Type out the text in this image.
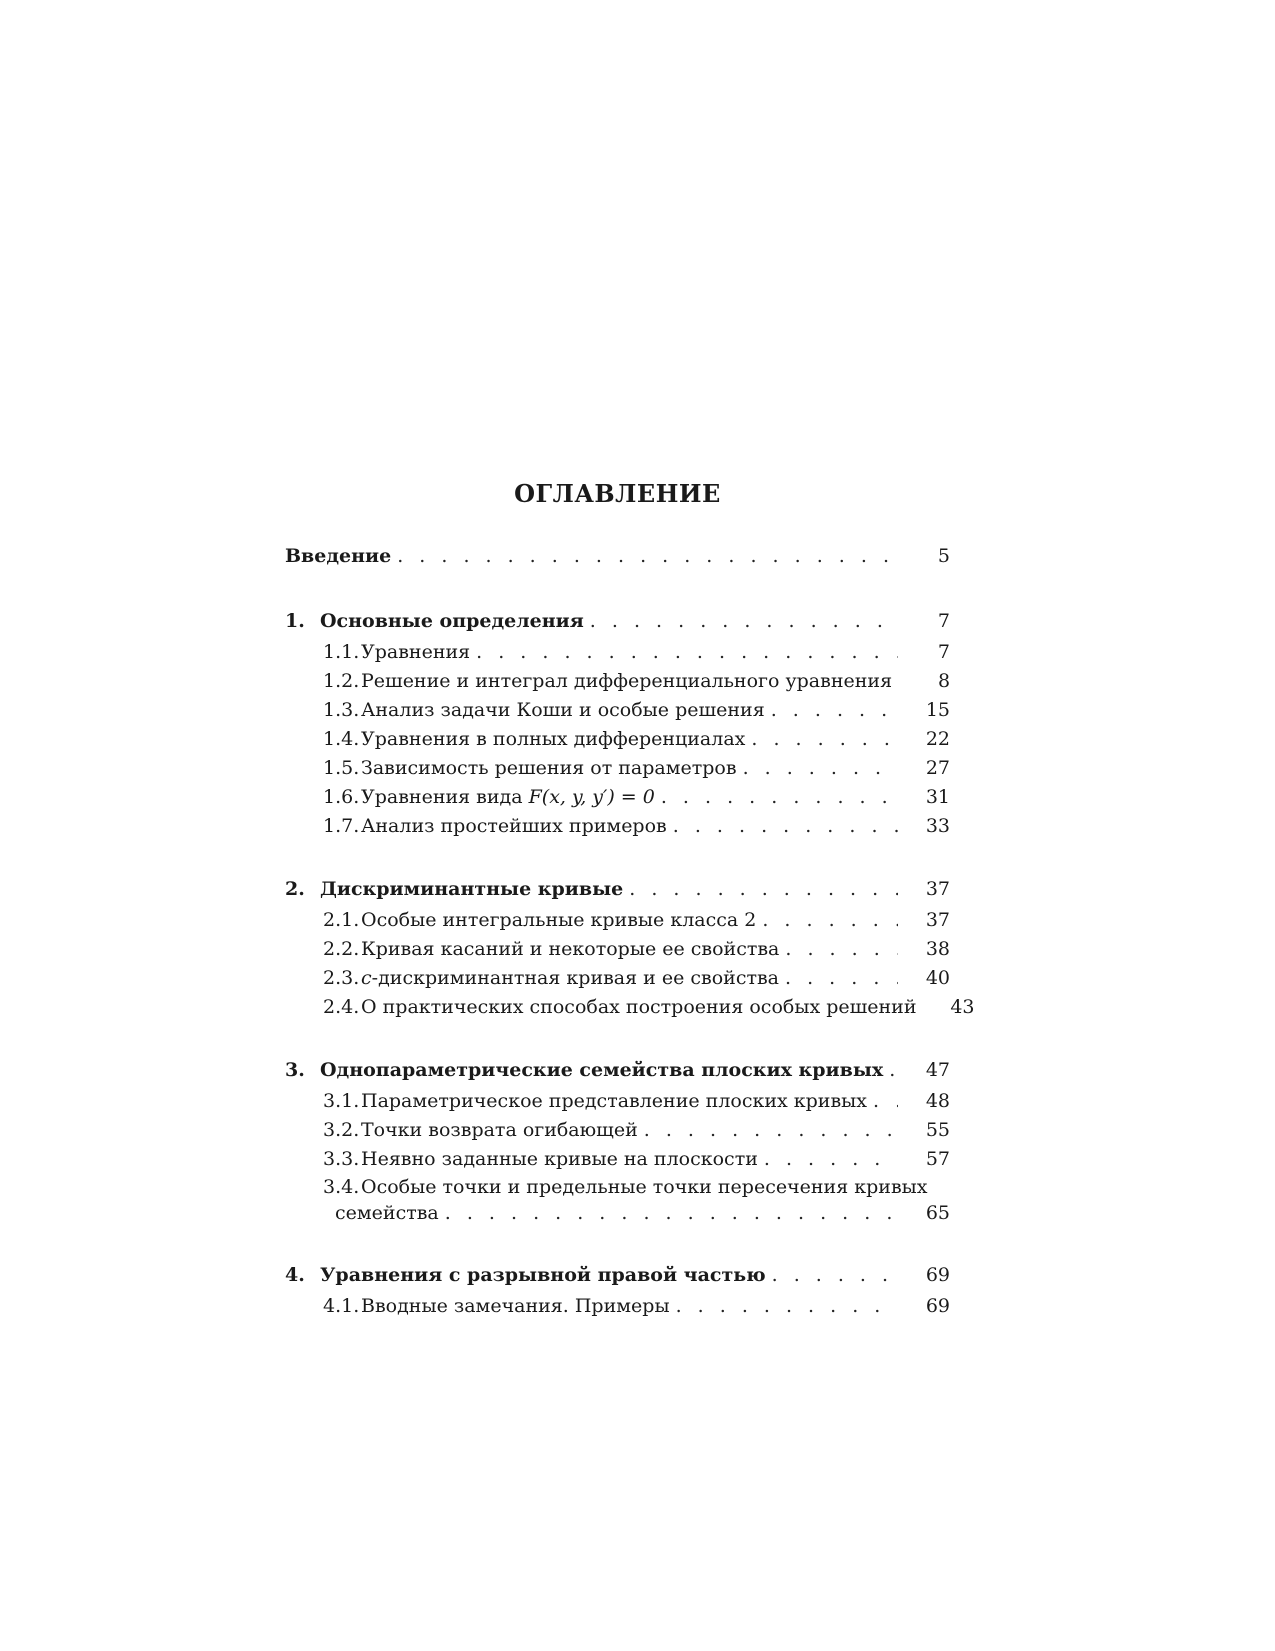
ОГЛАВЛЕНИЕ
Введение . . .	5
1. Основные определения . . .	7
1.1. Уравнения . . .	7
1.2. Решение и интеграл дифференциального уравнения	8
1.3. Анализ задачи Коши и особые решения . . .	15
1.4. Уравнения в полных дифференциалах . . .	22
1.5. Зависимость решения от параметров . . .	27
1.6. Уравнения вида F(x, y, y′) = 0 . . .	31
1.7. Анализ простейших примеров . . .	33
2. Дискриминантные кривые . . .	37
2.1. Особые интегральные кривые класса 2 . . .	37
2.2. Кривая касаний и некоторые ее свойства . . .	38
2.3. c-дискриминантная кривая и ее свойства . . .	40
2.4. О практических способах построения особых решений	43
3. Однопараметрические семейства плоских кривых . . .	47
3.1. Параметрическое представление плоских кривых . . .	48
3.2. Точки возврата огибающей . . .	55
3.3. Неявно заданные кривые на плоскости . . .	57
3.4. Особые точки и предельные точки пересечения кривых
семейства . . .	65
4. Уравнения с разрывной правой частью . . .	69
4.1. Вводные замечания. Примеры . . .	69
